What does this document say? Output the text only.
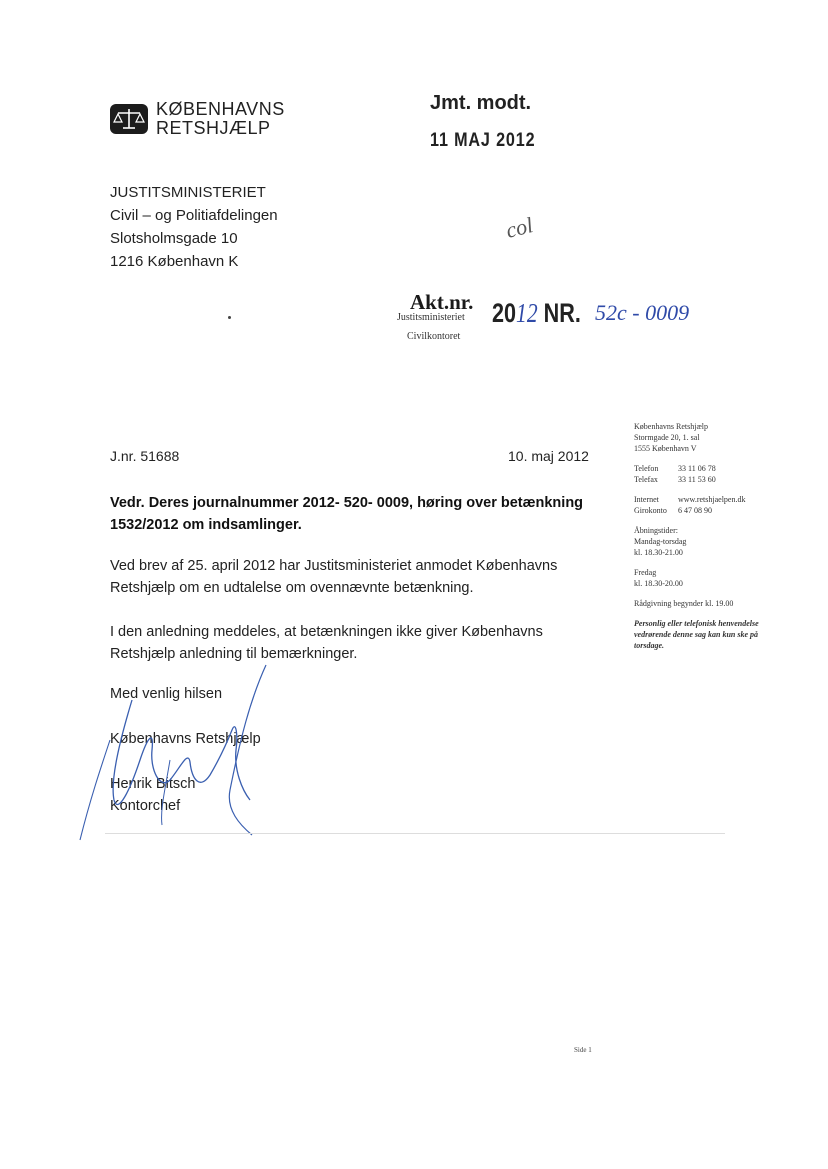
KØBENHAVNS
RETSHJÆLP
Jmt. modt.
11 MAJ 2012
JUSTITSMINISTERIET
Civil – og Politiafdelingen
Slotsholmsgade 10
1216 København K
col
Akt.nr.
Justitsministeriet
Civilkontoret
2012 NR. 52c - 0009
J.nr. 51688	10. maj 2012
Vedr. Deres journalnummer 2012- 520- 0009, høring over betænkning 1532/2012 om indsamlinger.
Ved brev af 25. april 2012 har Justitsministeriet anmodet Københavns Retshjælp om en udtalelse om ovennævnte betænkning.
I den anledning meddeles, at betænkningen ikke giver Københavns Retshjælp anledning til bemærkninger.
Med venlig hilsen
Københavns Retshjælp
Henrik Bitsch
Kontorchef
Københavns Retshjælp
Stormgade 20, 1. sal
1555 København V
Telefon	33 11 06 78
Telefax	33 11 53 60
Internet	www.retshjaelpen.dk
Girokonto	6 47 08 90
Åbningstider:
Mandag-torsdag
kl. 18.30-21.00
Fredag
kl. 18.30-20.00
Rådgivning begynder kl. 19.00
Personlig eller telefonisk henvendelse vedrørende denne sag kan kun ske på torsdage.
Side 1
